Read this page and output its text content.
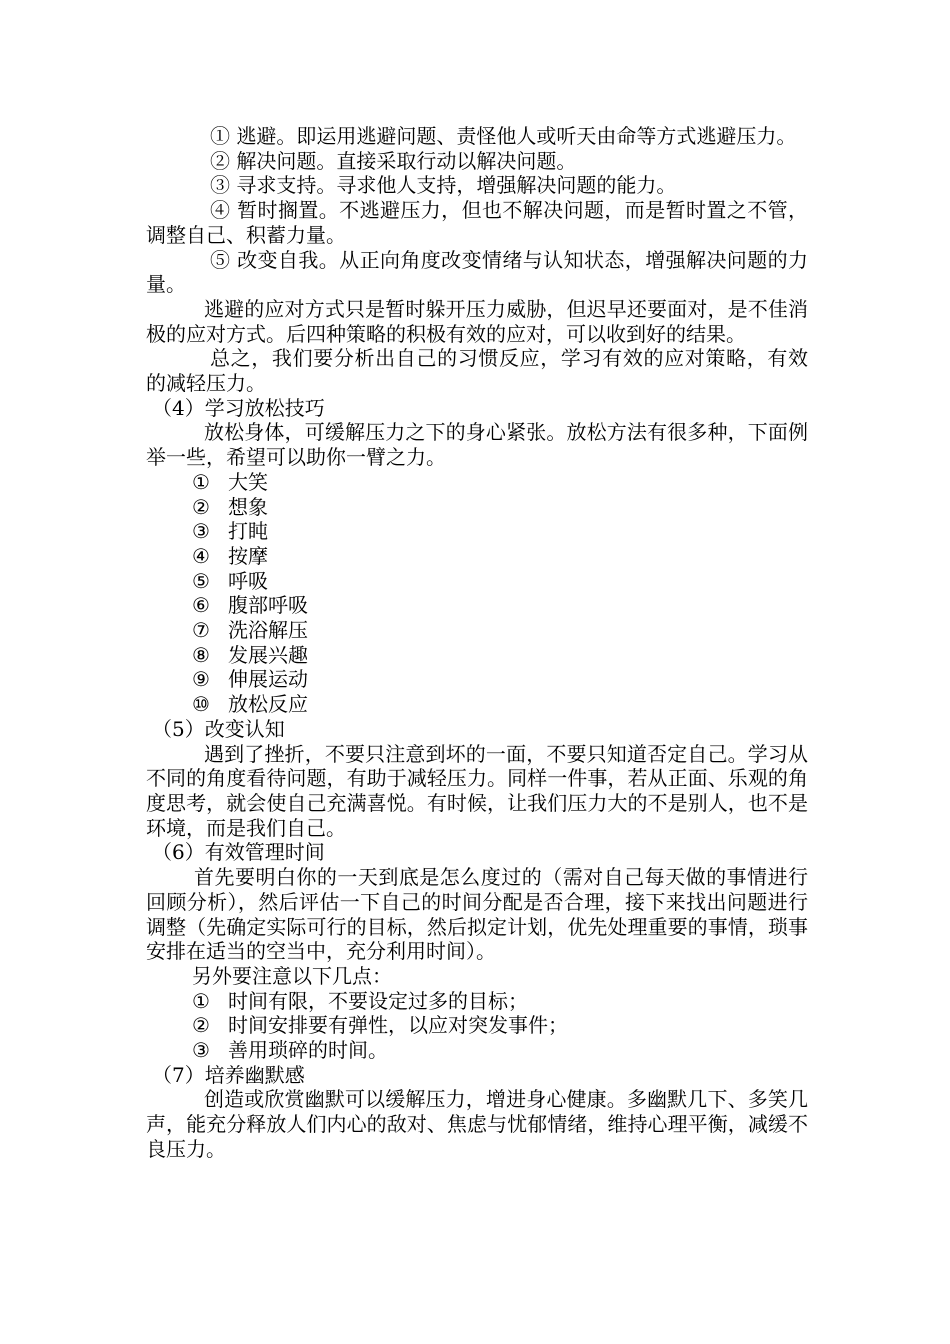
① 逃避。即运用逃避问题、责怪他人或听天由命等方式逃避压力。

② 解决问题。直接采取行动以解决问题。

③ 寻求支持。寻求他人支持，增强解决问题的能力。

④ 暂时搁置。不逃避压力，但也不解决问题，而是暂时置之不管，调整自己、积蓄力量。

⑤ 改变自我。从正向角度改变情绪与认知状态，增强解决问题的力量。

逃避的应对方式只是暂时躲开压力威胁，但迟早还要面对，是不佳消极的应对方式。后四种策略的积极有效的应对，可以收到好的结果。

总之，我们要分析出自己的习惯反应，学习有效的应对策略，有效的减轻压力。

（4）学习放松技巧

放松身体，可缓解压力之下的身心紧张。放松方法有很多种，下面例举一些，希望可以助你一臂之力。

① 大笑
② 想象
③ 打盹
④ 按摩
⑤ 呼吸
⑥ 腹部呼吸
⑦ 洗浴解压
⑧ 发展兴趣
⑨ 伸展运动
⑩ 放松反应

（5）改变认知

遇到了挫折，不要只注意到坏的一面，不要只知道否定自己。学习从不同的角度看待问题，有助于减轻压力。同样一件事，若从正面、乐观的角度思考，就会使自己充满喜悦。有时候，让我们压力大的不是别人，也不是环境，而是我们自己。

（6）有效管理时间

首先要明白你的一天到底是怎么度过的（需对自己每天做的事情进行回顾分析），然后评估一下自己的时间分配是否合理，接下来找出问题进行调整（先确定实际可行的目标，然后拟定计划，优先处理重要的事情，琐事安排在适当的空当中，充分利用时间）。

另外要注意以下几点：

① 时间有限，不要设定过多的目标；
② 时间安排要有弹性，以应对突发事件；
③ 善用琐碎的时间。

（7）培养幽默感

创造或欣赏幽默可以缓解压力，增进身心健康。多幽默几下、多笑几声，能充分释放人们内心的敌对、焦虑与忧郁情绪，维持心理平衡，减缓不良压力。
